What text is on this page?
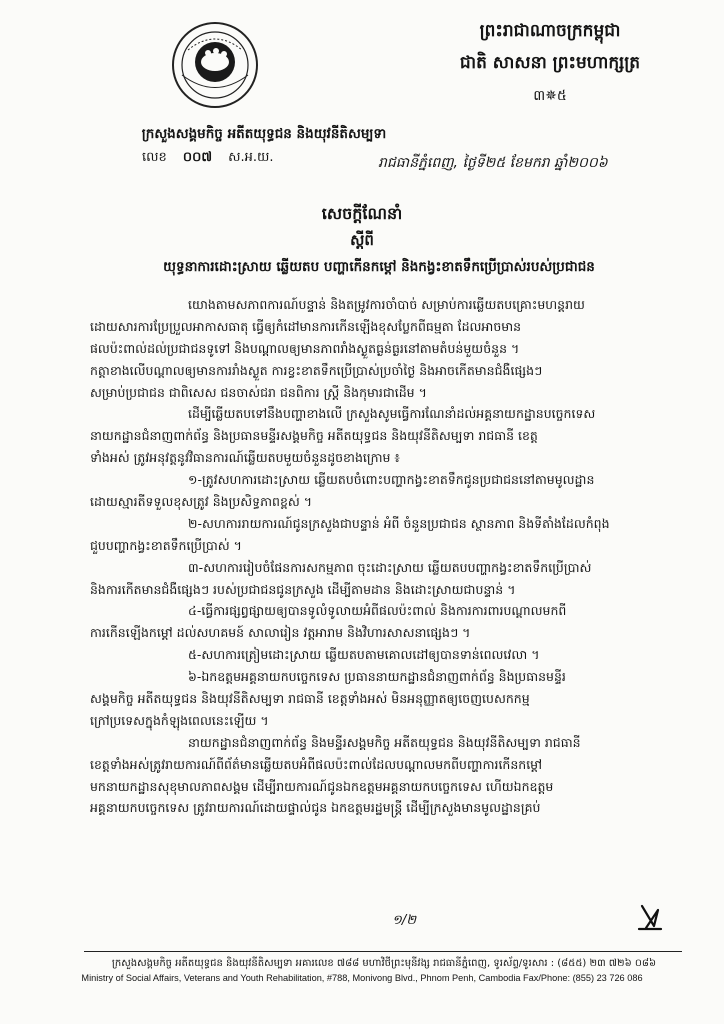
ព្រះរាជាណាចក្រកម្ពុជា
ជាតិ សាសនា ព្រះមហាក្សត្រ
៣✵៥
ក្រសួងសង្គមកិច្ច អតីតយុទ្ធជន និងយុវនីតិសម្បទា
លេខ ០០៧ ស.អ.យ.	រាជធានីភ្នំពេញ, ថ្ងៃទី២៥ ខែមករា ឆ្នាំ២០០៦
សេចក្ដីណែនាំ
ស្ដីពី
យុទ្ធនាការដោះស្រាយ ឆ្លើយតប បញ្ហាកើនកម្ដៅ និងកង្វះខាតទឹកប្រើប្រាស់របស់ប្រជាជន
យោងតាមសភាពការណ៍បន្ទាន់ និងតម្រូវការចាំបាច់ សម្រាប់ការឆ្លើយតបគ្រោះមហន្តរាយ
ដោយសារការប្រែប្រួលអាកាសធាតុ ធ្វើឲ្យកំដៅមានការកើនឡើងខុសប្លែកពីធម្មតា ដែលអាចមាន
ផលប៉ះពាល់ដល់ប្រជាជនទូទៅ និងបណ្ដាលឲ្យមានភាពរាំងស្ងួតធ្ងន់ធ្ងរនៅតាមតំបន់មួយចំនួន ។
កត្តាខាងលើបណ្ដាលឲ្យមានការរាំងស្ងួត ការខ្វះខាតទឹកប្រើប្រាស់ប្រចាំថ្ងៃ និងអាចកើតមានជំងឺផ្សេងៗ
សម្រាប់ប្រជាជន ជាពិសេស ជនចាស់ជរា ជនពិការ ស្ត្រី និងកុមារជាដើម ។
ដើម្បីឆ្លើយតបទៅនឹងបញ្ហាខាងលើ ក្រសួងសូមធ្វើការណែនាំដល់អគ្គនាយកដ្ឋានបច្ចេកទេស
នាយកដ្ឋានជំនាញពាក់ព័ន្ធ និងប្រធានមន្ទីរសង្គមកិច្ច អតីតយុទ្ធជន និងយុវនីតិសម្បទា រាជធានី ខេត្ត
ទាំងអស់ ត្រូវអនុវត្តនូវវិធានការណ៍ឆ្លើយតបមួយចំនួនដូចខាងក្រោម ៖
១-ត្រូវសហការដោះស្រាយ ឆ្លើយតបចំពោះបញ្ហាកង្វះខាតទឹកជូនប្រជាជននៅតាមមូលដ្ឋាន
ដោយស្មារតីទទួលខុសត្រូវ និងប្រសិទ្ធភាពខ្ពស់ ។
២-សហការរាយការណ៍ជូនក្រសួងជាបន្ទាន់ អំពី ចំនួនប្រជាជន ស្ថានភាព និងទីតាំងដែលកំពុង
ជួបបញ្ហាកង្វះខាតទឹកប្រើប្រាស់ ។
៣-សហការរៀបចំផែនការសកម្មភាព ចុះដោះស្រាយ ឆ្លើយតបបញ្ហាកង្វះខាតទឹកប្រើប្រាស់
និងការកើតមានជំងឺផ្សេងៗ របស់ប្រជាជនជូនក្រសួង ដើម្បីតាមដាន និងដោះស្រាយជាបន្ទាន់ ។
៤-ធ្វើការផ្សព្វផ្សាយឲ្យបានទូលំទូលាយអំពីផលប៉ះពាល់ និងការការពារបណ្ដាលមកពី
ការកើនឡើងកម្ដៅ ដល់សហគមន៍ សាលារៀន វត្តអារាម និងវិហារសាសនាផ្សេងៗ ។
៥-សហការត្រៀមដោះស្រាយ ឆ្លើយតបតាមគោលដៅឲ្យបានទាន់ពេលវេលា ។
៦-ឯកឧត្តមអគ្គនាយកបច្ចេកទេស ប្រធាននាយកដ្ឋានជំនាញពាក់ព័ន្ធ និងប្រធានមន្ទីរ
សង្គមកិច្ច អតីតយុទ្ធជន និងយុវនីតិសម្បទា រាជធានី ខេត្តទាំងអស់ មិនអនុញ្ញាតឲ្យចេញបេសកកម្ម
ក្រៅប្រទេសក្នុងកំឡុងពេលនេះឡើយ ។
នាយកដ្ឋានជំនាញពាក់ព័ន្ធ និងមន្ទីរសង្គមកិច្ច អតីតយុទ្ធជន និងយុវនីតិសម្បទា រាជធានី
ខេត្តទាំងអស់ត្រូវរាយការណ៍ពីព័ត៌មានឆ្លើយតបអំពីផលប៉ះពាល់ដែលបណ្ដាលមកពីបញ្ហាការកើនកម្ដៅ
មកនាយកដ្ឋានសុខុមាលភាពសង្គម ដើម្បីរាយការណ៍ជូនឯកឧត្តមអគ្គនាយកបច្ចេកទេស ហើយឯកឧត្តម
អគ្គនាយកបច្ចេកទេស ត្រូវរាយការណ៍ដោយផ្ទាល់ជូន ឯកឧត្តមរដ្ឋមន្ត្រី ដើម្បីក្រសួងមានមូលដ្ឋានគ្រប់
១/២
ក្រសួងសង្គមកិច្ច អតីតយុទ្ធជន និងយុវនីតិសម្បទា អគារលេខ ៧៨៨ មហាវិថីព្រះមុនីវង្ស រាជធានីភ្នំពេញ, ទូរស័ព្ទ/ទូរសារ : (៨៥៥) ២៣ ៧២៦ ០៨៦
Ministry of Social Affairs, Veterans and Youth Rehabilitation, #788, Monivong Blvd., Phnom Penh, Cambodia Fax/Phone: (855) 23 726 086
